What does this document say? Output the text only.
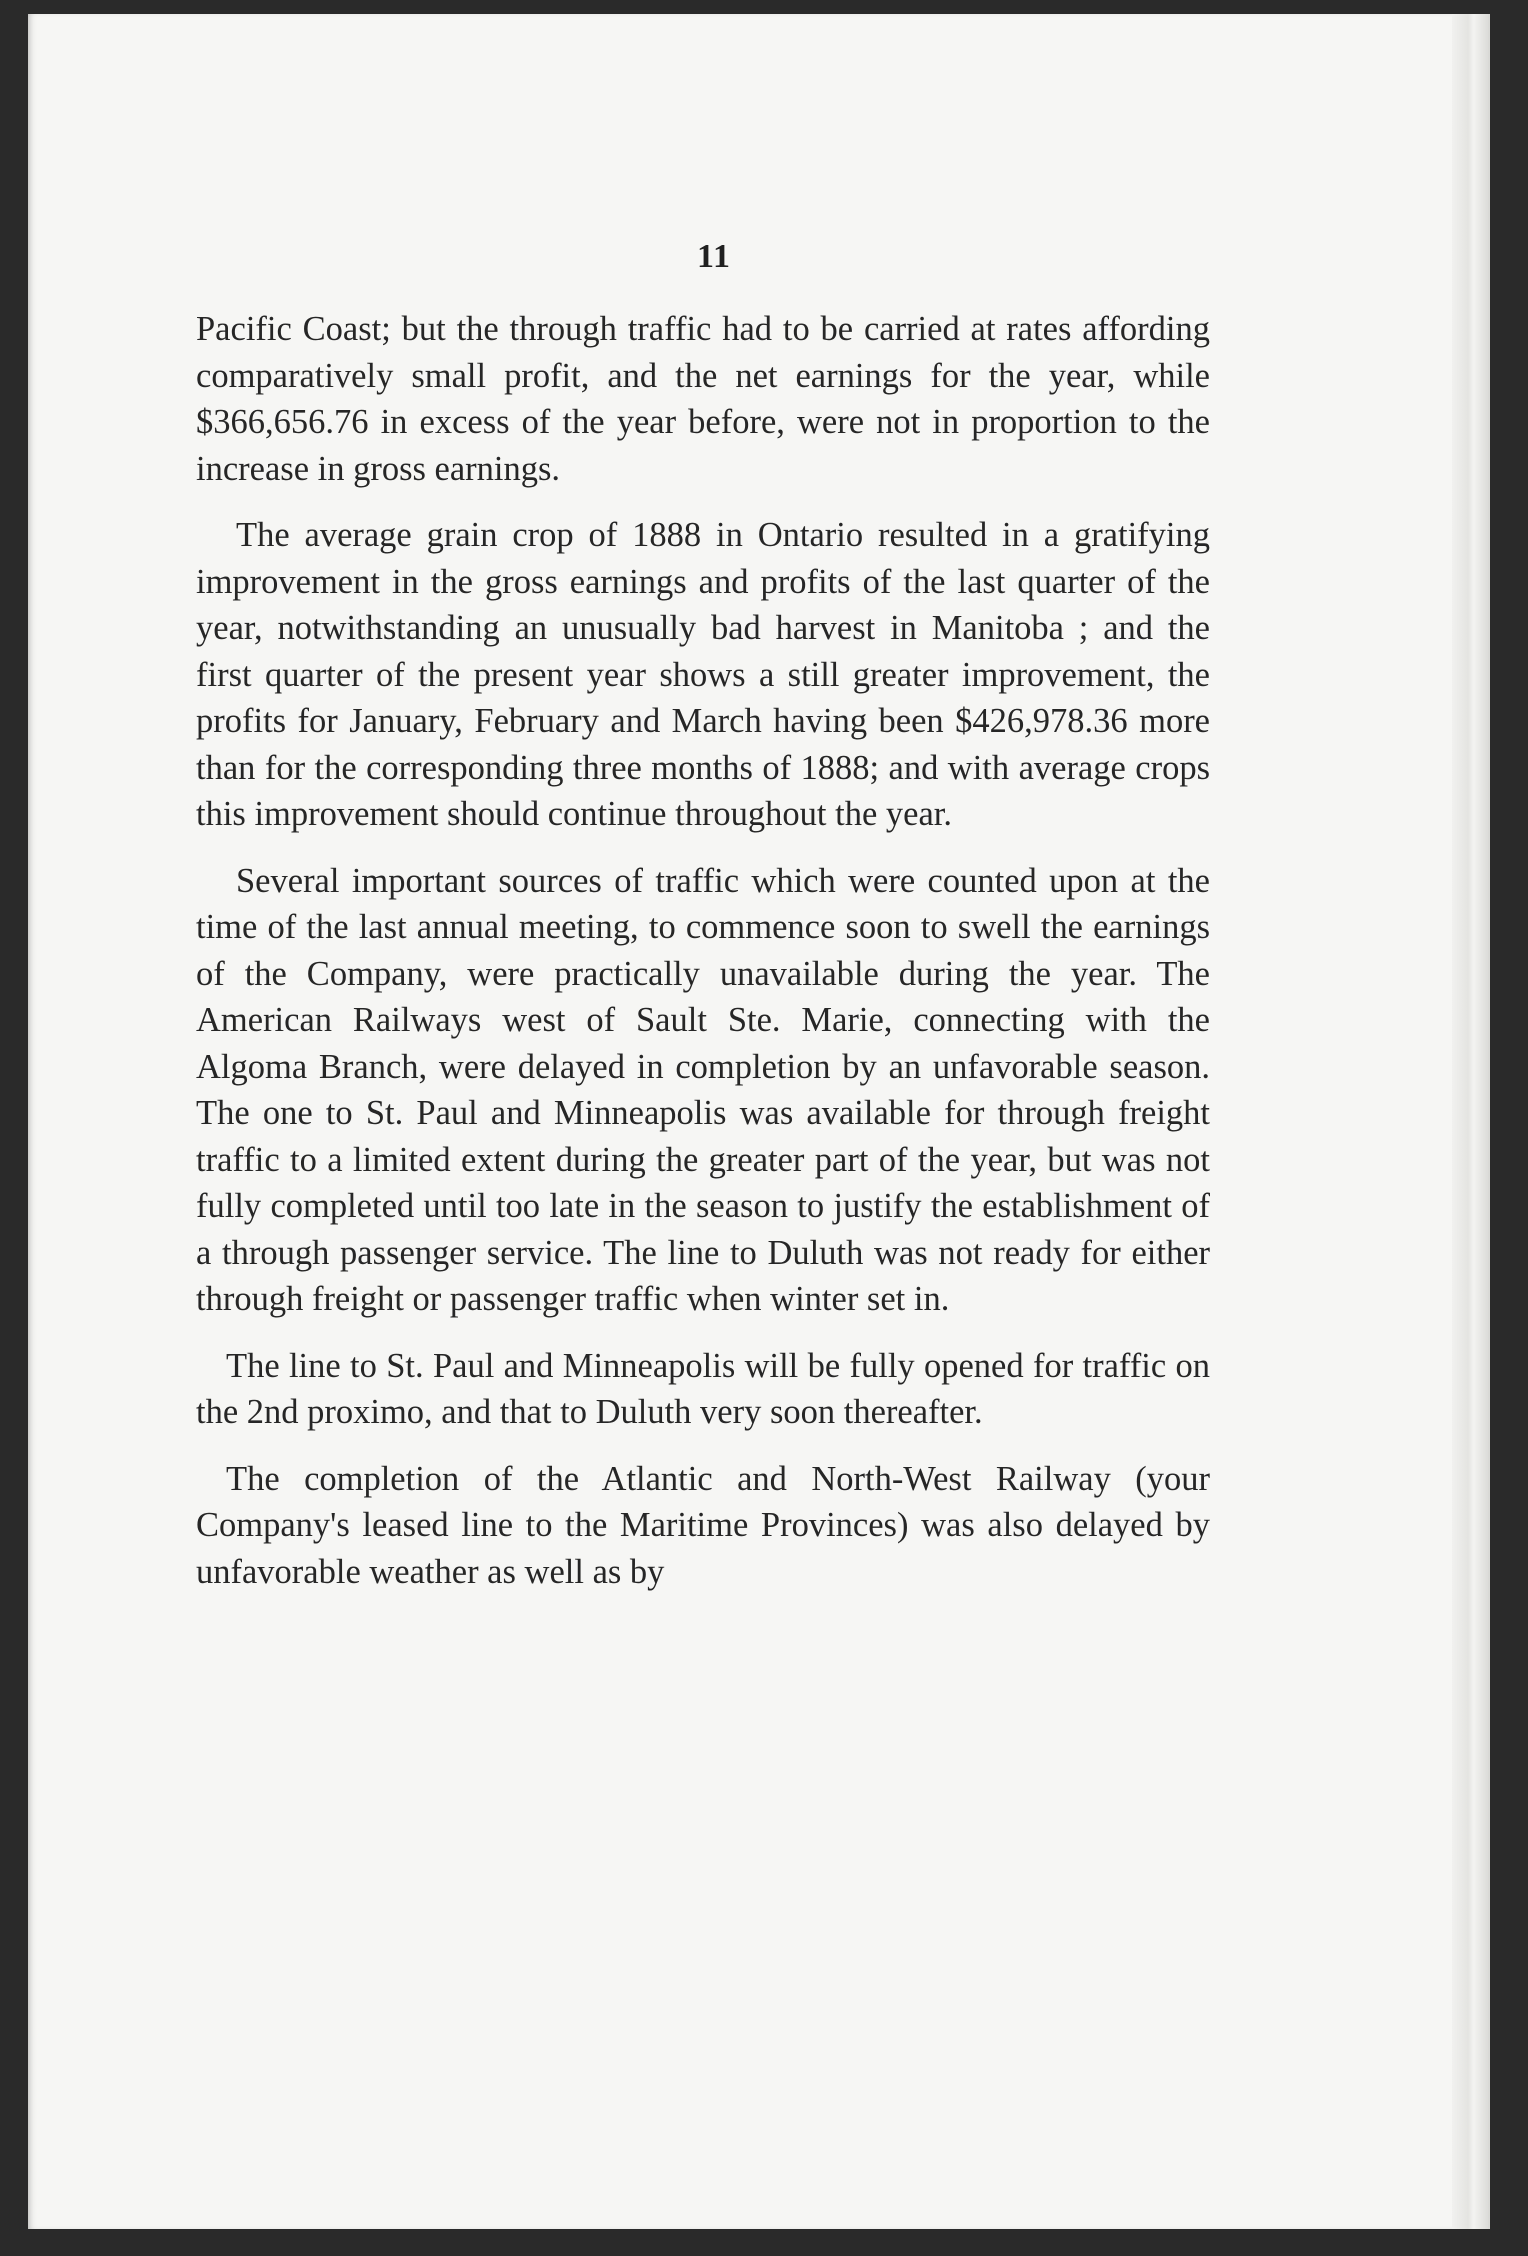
11

Pacific Coast; but the through traffic had to be carried at rates affording comparatively small profit, and the net earnings for the year, while $366,656.76 in excess of the year before, were not in proportion to the increase in gross earnings.

The average grain crop of 1888 in Ontario resulted in a gratifying improvement in the gross earnings and profits of the last quarter of the year, notwithstanding an unusually bad harvest in Manitoba ; and the first quarter of the present year shows a still greater improvement, the profits for January, February and March having been $426,978.36 more than for the corresponding three months of 1888; and with average crops this improvement should continue throughout the year.

Several important sources of traffic which were counted upon at the time of the last annual meeting, to commence soon to swell the earnings of the Company, were practically unavailable during the year. The American Railways west of Sault Ste. Marie, connecting with the Algoma Branch, were delayed in completion by an unfavorable season. The one to St. Paul and Minneapolis was available for through freight traffic to a limited extent during the greater part of the year, but was not fully completed until too late in the season to justify the establishment of a through passenger service. The line to Duluth was not ready for either through freight or passenger traffic when winter set in.

The line to St. Paul and Minneapolis will be fully opened for traffic on the 2nd proximo, and that to Duluth very soon thereafter.

The completion of the Atlantic and North-West Railway (your Company's leased line to the Maritime Provinces) was also delayed by unfavorable weather as well as by
